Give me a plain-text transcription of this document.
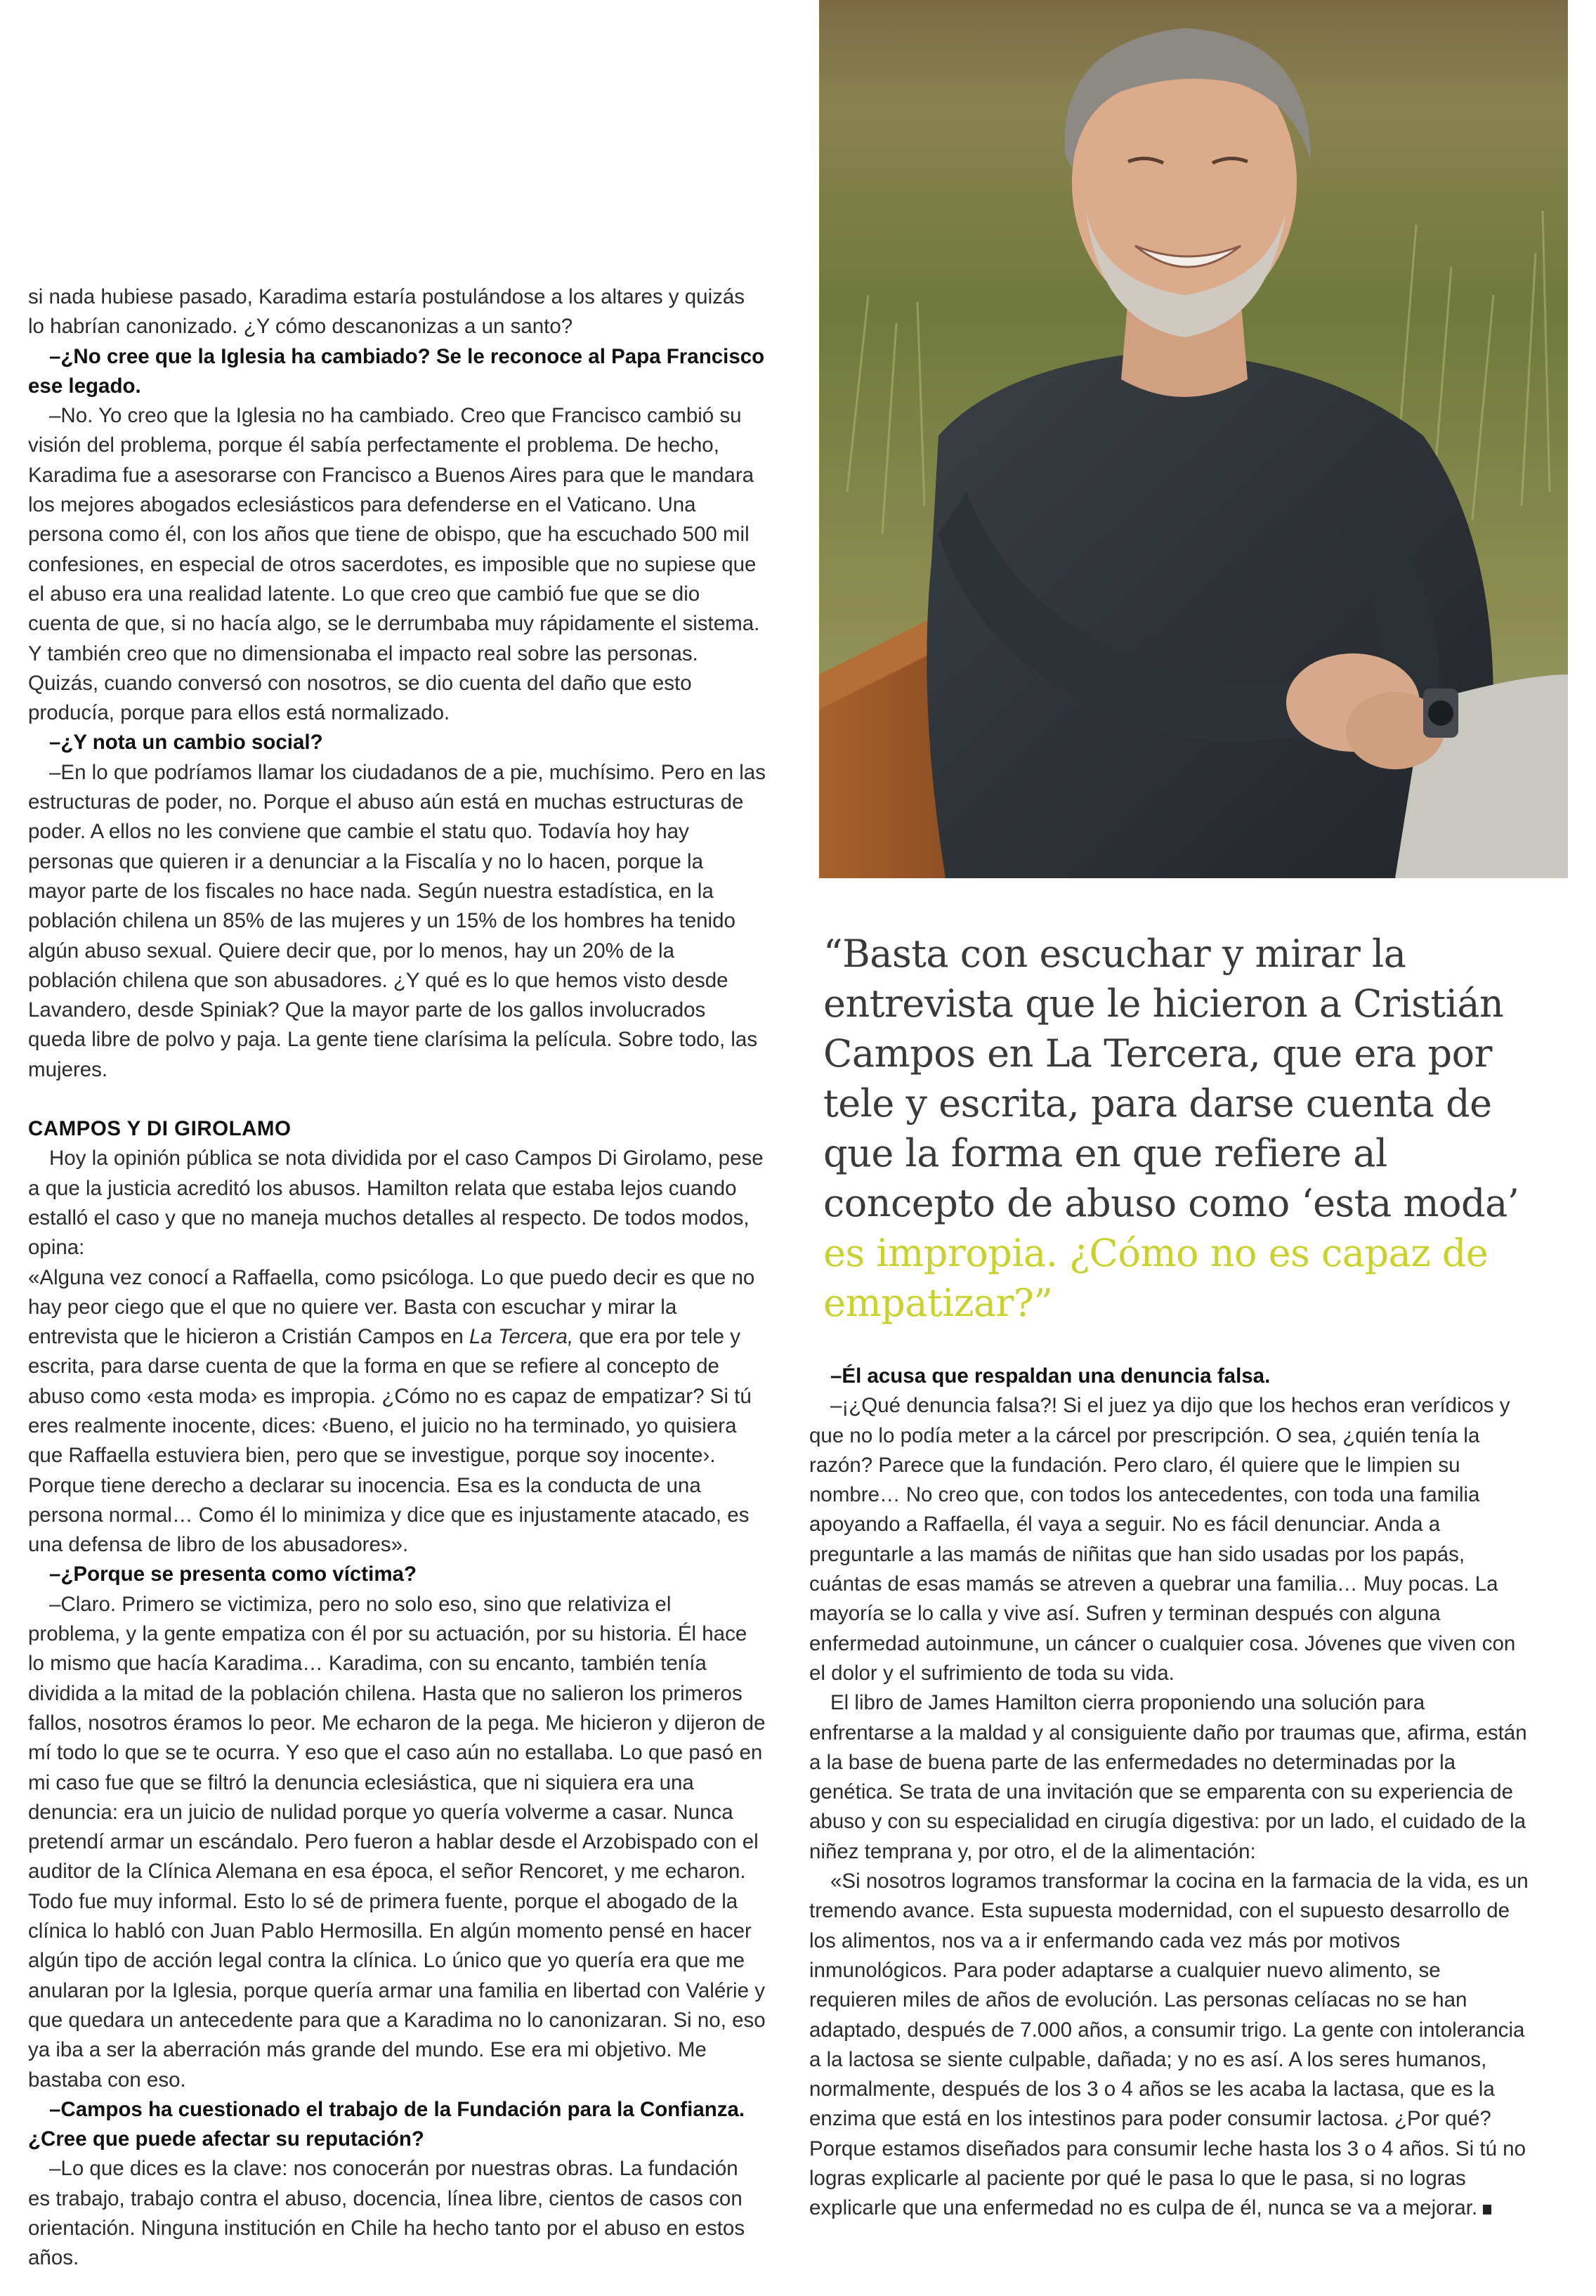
si nada hubiese pasado, Karadima estaría postulándose a los altares y quizás lo habrían canonizado. ¿Y cómo descanonizas a un santo?

–¿No cree que la Iglesia ha cambiado? Se le reconoce al Papa Francisco ese legado.

–No. Yo creo que la Iglesia no ha cambiado. Creo que Francisco cambió su visión del problema, porque él sabía perfectamente el problema. De hecho, Karadima fue a asesorarse con Francisco a Buenos Aires para que le mandara los mejores abogados eclesiásticos para defenderse en el Vaticano. Una persona como él, con los años que tiene de obispo, que ha escuchado 500 mil confesiones, en especial de otros sacerdotes, es imposible que no supiese que el abuso era una realidad latente. Lo que creo que cambió fue que se dio cuenta de que, si no hacía algo, se le derrumbaba muy rápidamente el sistema. Y también creo que no dimensionaba el impacto real sobre las personas. Quizás, cuando conversó con nosotros, se dio cuenta del daño que esto producía, porque para ellos está normalizado.

–¿Y nota un cambio social?

–En lo que podríamos llamar los ciudadanos de a pie, muchísimo. Pero en las estructuras de poder, no. Porque el abuso aún está en muchas estructuras de poder. A ellos no les conviene que cambie el statu quo. Todavía hoy hay personas que quieren ir a denunciar a la Fiscalía y no lo hacen, porque la mayor parte de los fiscales no hace nada. Según nuestra estadística, en la población chilena un 85% de las mujeres y un 15% de los hombres ha tenido algún abuso sexual. Quiere decir que, por lo menos, hay un 20% de la población chilena que son abusadores. ¿Y qué es lo que hemos visto desde Lavandero, desde Spiniak? Que la mayor parte de los gallos involucrados queda libre de polvo y paja. La gente tiene clarísima la película. Sobre todo, las mujeres.

CAMPOS Y DI GIROLAMO

Hoy la opinión pública se nota dividida por el caso Campos Di Girolamo, pese a que la justicia acreditó los abusos. Hamilton relata que estaba lejos cuando estalló el caso y que no maneja muchos detalles al respecto. De todos modos, opina:

«Alguna vez conocí a Raffaella, como psicóloga. Lo que puedo decir es que no hay peor ciego que el que no quiere ver. Basta con escuchar y mirar la entrevista que le hicieron a Cristián Campos en La Tercera, que era por tele y escrita, para darse cuenta de que la forma en que se refiere al concepto de abuso como ‹esta moda› es impropia. ¿Cómo no es capaz de empatizar? Si tú eres realmente inocente, dices: ‹Bueno, el juicio no ha terminado, yo quisiera que Raffaella estuviera bien, pero que se investigue, porque soy inocente›. Porque tiene derecho a declarar su inocencia. Esa es la conducta de una persona normal… Como él lo minimiza y dice que es injustamente atacado, es una defensa de libro de los abusadores».

–¿Porque se presenta como víctima?

–Claro. Primero se victimiza, pero no solo eso, sino que relativiza el problema, y la gente empatiza con él por su actuación, por su historia. Él hace lo mismo que hacía Karadima… Karadima, con su encanto, también tenía dividida a la mitad de la población chilena. Hasta que no salieron los primeros fallos, nosotros éramos lo peor. Me echaron de la pega. Me hicieron y dijeron de mí todo lo que se te ocurra. Y eso que el caso aún no estallaba. Lo que pasó en mi caso fue que se filtró la denuncia eclesiástica, que ni siquiera era una denuncia: era un juicio de nulidad porque yo quería volverme a casar. Nunca pretendí armar un escándalo. Pero fueron a hablar desde el Arzobispado con el auditor de la Clínica Alemana en esa época, el señor Rencoret, y me echaron. Todo fue muy informal. Esto lo sé de primera fuente, porque el abogado de la clínica lo habló con Juan Pablo Hermosilla. En algún momento pensé en hacer algún tipo de acción legal contra la clínica. Lo único que yo quería era que me anularan por la Iglesia, porque quería armar una familia en libertad con Valérie y que quedara un antecedente para que a Karadima no lo canonizaran. Si no, eso ya iba a ser la aberración más grande del mundo. Ese era mi objetivo. Me bastaba con eso.

–Campos ha cuestionado el trabajo de la Fundación para la Confianza. ¿Cree que puede afectar su reputación?

–Lo que dices es la clave: nos conocerán por nuestras obras. La fundación es trabajo, trabajo contra el abuso, docencia, línea libre, cientos de casos con orientación. Ninguna institución en Chile ha hecho tanto por el abuso en estos años.

“Basta con escuchar y mirar la entrevista que le hicieron a Cristián Campos en La Tercera, que era por tele y escrita, para darse cuenta de que la forma en que refiere al concepto de abuso como ‘esta moda’ es impropia. ¿Cómo no es capaz de empatizar?”

–Él acusa que respaldan una denuncia falsa.

–¡¿Qué denuncia falsa?! Si el juez ya dijo que los hechos eran verídicos y que no lo podía meter a la cárcel por prescripción. O sea, ¿quién tenía la razón? Parece que la fundación. Pero claro, él quiere que le limpien su nombre… No creo que, con todos los antecedentes, con toda una familia apoyando a Raffaella, él vaya a seguir. No es fácil denunciar. Anda a preguntarle a las mamás de niñitas que han sido usadas por los papás, cuántas de esas mamás se atreven a quebrar una familia… Muy pocas. La mayoría se lo calla y vive así. Sufren y terminan después con alguna enfermedad autoinmune, un cáncer o cualquier cosa. Jóvenes que viven con el dolor y el sufrimiento de toda su vida.

El libro de James Hamilton cierra proponiendo una solución para enfrentarse a la maldad y al consiguiente daño por traumas que, afirma, están a la base de buena parte de las enfermedades no determinadas por la genética. Se trata de una invitación que se emparenta con su experiencia de abuso y con su especialidad en cirugía digestiva: por un lado, el cuidado de la niñez temprana y, por otro, el de la alimentación:

«Si nosotros logramos transformar la cocina en la farmacia de la vida, es un tremendo avance. Esta supuesta modernidad, con el supuesto desarrollo de los alimentos, nos va a ir enfermando cada vez más por motivos inmunológicos. Para poder adaptarse a cualquier nuevo alimento, se requieren miles de años de evolución. Las personas celíacas no se han adaptado, después de 7.000 años, a consumir trigo. La gente con intolerancia a la lactosa se siente culpable, dañada; y no es así. A los seres humanos, normalmente, después de los 3 o 4 años se les acaba la lactasa, que es la enzima que está en los intestinos para poder consumir lactosa. ¿Por qué? Porque estamos diseñados para consumir leche hasta los 3 o 4 años. Si tú no logras explicarle al paciente por qué le pasa lo que le pasa, si no logras explicarle que una enfermedad no es culpa de él, nunca se va a mejorar.
